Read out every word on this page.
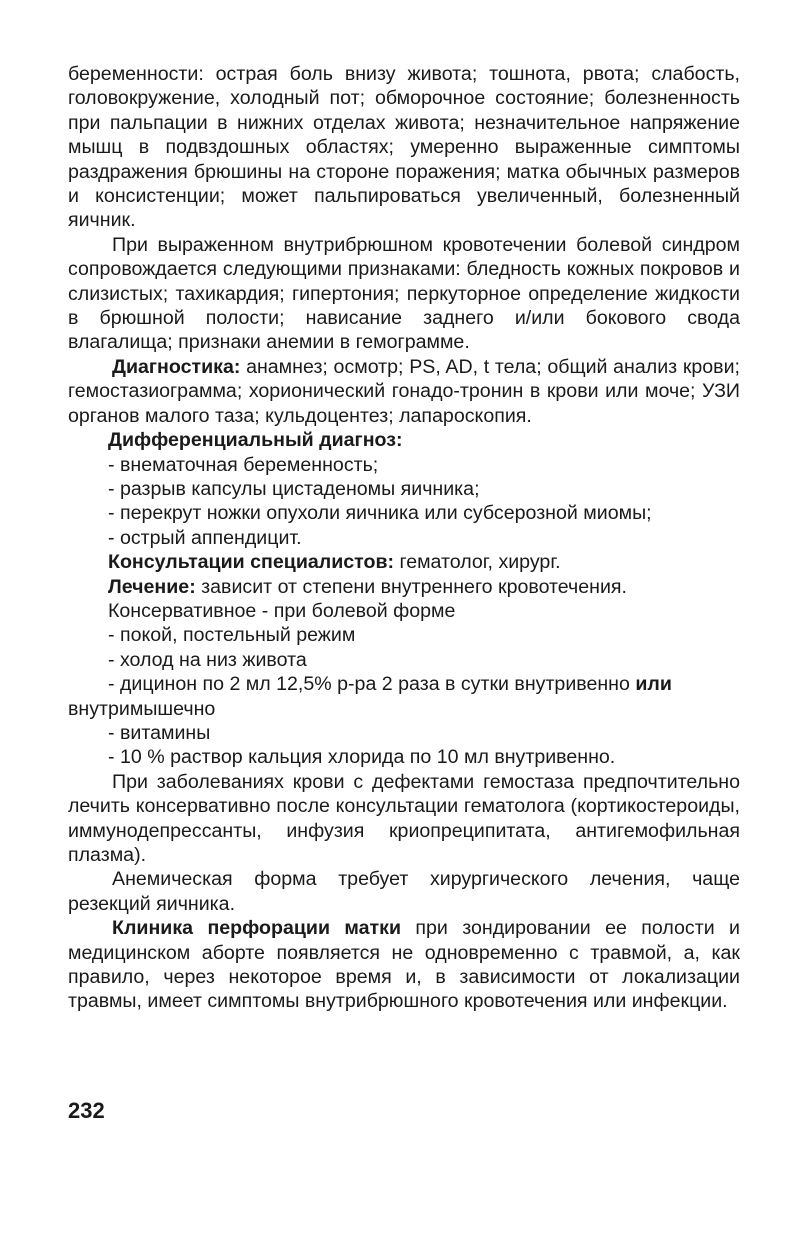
беременности: острая боль внизу живота; тошнота, рвота; слабость, головокружение, холодный пот; обморочное состояние; болезненность при пальпации в нижних отделах живота; незначительное напряжение мышц в подвздошных областях; умеренно выраженные симптомы раздражения брюшины на стороне поражения; матка обычных размеров и консистенции; может пальпироваться увеличенный, болезненный яичник.

При выраженном внутрибрюшном кровотечении болевой синдром сопровождается следующими признаками: бледность кожных покровов и слизистых; тахикардия; гипертония; перкуторное определение жидкости в брюшной полости; нависание заднего и/или бокового свода влагалища; признаки анемии в гемограмме.

Диагностика: анамнез; осмотр; PS, AD, t тела; общий анализ крови; гемостазиограмма; хорионический гонадо-тронин в крови или моче; УЗИ органов малого таза; кульдоцентез; лапароскопия.

Дифференциальный диагноз:

- внематочная беременность;

- разрыв капсулы цистаденомы яичника;

- перекрут ножки опухоли яичника или субсерозной миомы;

- острый аппендицит.

Консультации специалистов: гематолог, хирург.

Лечение: зависит от степени внутреннего кровотечения.

Консервативное - при болевой форме

- покой, постельный режим

- холод на низ живота

- дицинон по 2 мл 12,5% р-ра 2 раза в сутки внутривенно или
внутримышечно

- витамины

- 10 % раствор кальция хлорида по 10 мл внутривенно.

При заболеваниях крови с дефектами гемостаза предпочтительно лечить консервативно после консультации гематолога (кортикостероиды, иммунодепрессанты, инфузия криопреципитата, антигемофильная плазма).

Анемическая форма требует хирургического лечения, чаще резекций яичника.

Клиника перфорации матки при зондировании ее полости и медицинском аборте появляется не одновременно с травмой, а, как правило, через некоторое время и, в зависимости от локализации травмы, имеет симптомы внутрибрюшного кровотечения или инфекции.

232
